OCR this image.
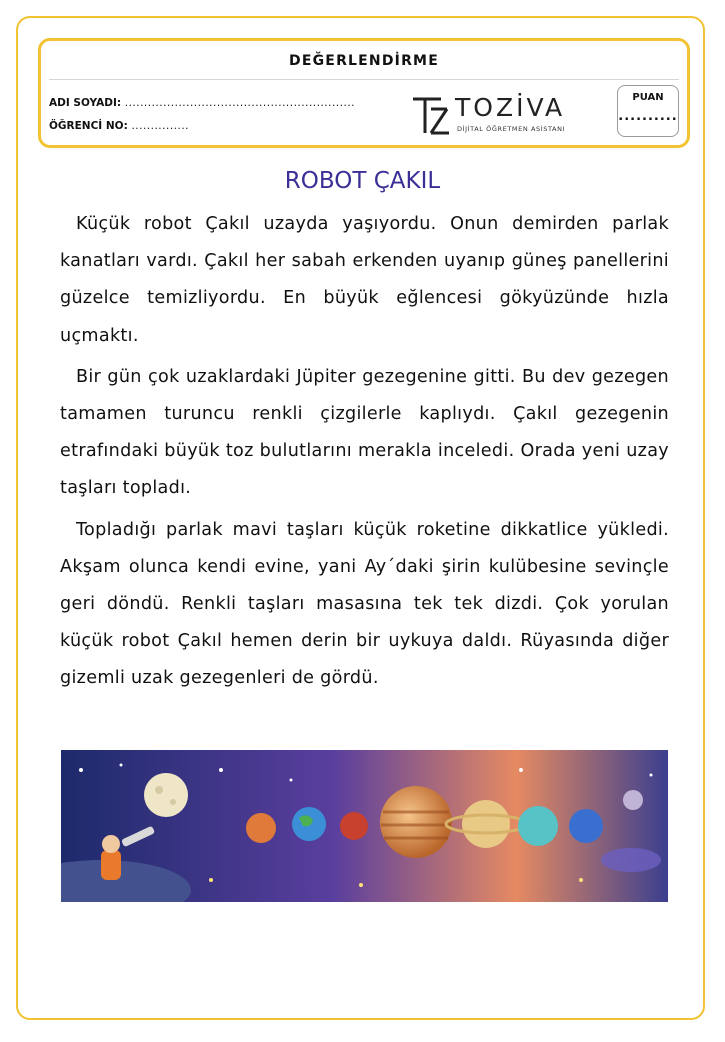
DEĞERLENDİRME
ADI SOYADI: ............................................................
ÖĞRENCİ NO: ...............
TOZİVA
DİJİTAL ÖĞRETMEN ASİSTANI
PUAN
..........
ROBOT ÇAKIL

Küçük robot Çakıl uzayda yaşıyordu. Onun demirden parlak kanatları vardı. Çakıl her sabah erkenden uyanıp güneş panellerini güzelce temizliyordu. En büyük eğlencesi gökyüzünde hızla uçmaktı.

Bir gün çok uzaklardaki Jüpiter gezegenine gitti. Bu dev gezegen tamamen turuncu renkli çizgilerle kaplıydı. Çakıl gezegenin etrafındaki büyük toz bulutlarını merakla inceledi. Orada yeni uzay taşları topladı.

Topladığı parlak mavi taşları küçük roketine dikkatlice yükledi. Akşam olunca kendi evine, yani Ay´daki şirin kulübesine sevinçle geri döndü. Renkli taşları masasına tek tek dizdi. Çok yorulan küçük robot Çakıl hemen derin bir uykuya daldı. Rüyasında diğer gizemli uzak gezegenleri de gördü.
